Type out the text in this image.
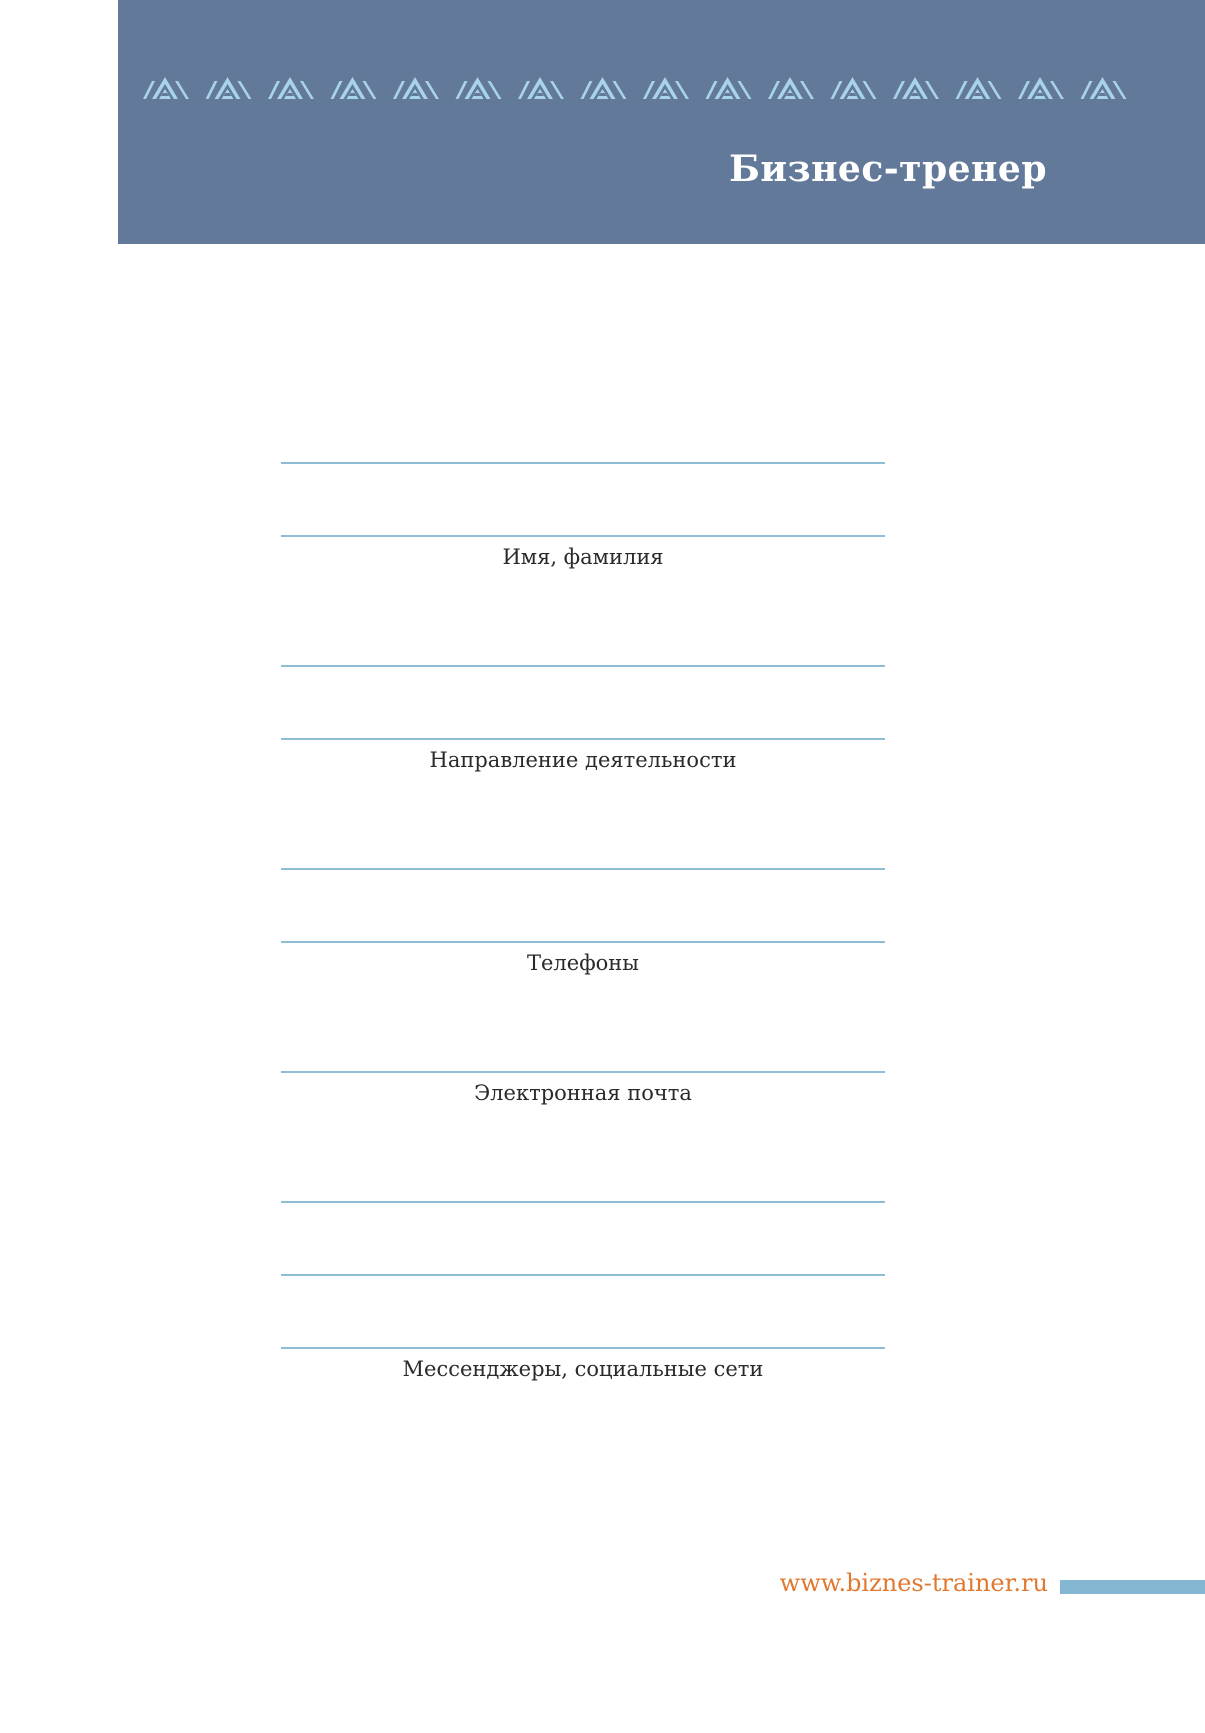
Бизнес-тренер
Имя, фамилия
Направление деятельности
Телефоны
Электронная почта
Мессенджеры, социальные сети
www.biznes-trainer.ru
